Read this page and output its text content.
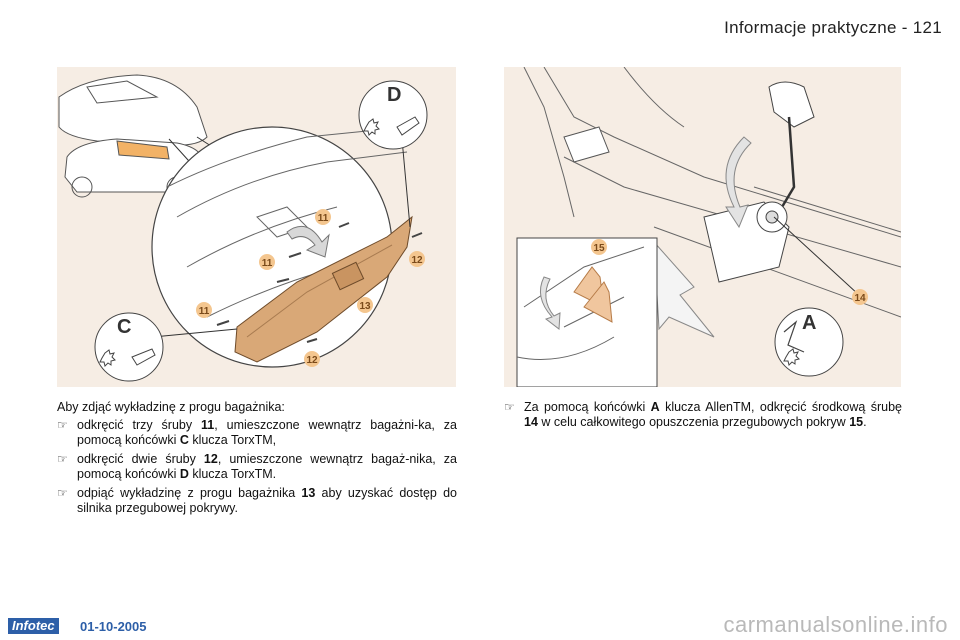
Informacje praktyczne - 121
11
11
11
12
12
13
D
C
14
15
A

Aby zdjąć wykładzinę z progu bagażnika:

☞ odkręcić trzy śruby 11, umieszczone wewnątrz bagażni-ka, za pomocą końcówki C klucza TorxTM,
☞ odkręcić dwie śruby 12, umieszczone wewnątrz bagaż-nika, za pomocą końcówki D klucza TorxTM.
☞ odpiąć wykładzinę z progu bagażnika 13 aby uzyskać dostęp do silnika przegubowej pokrywy.
☞ Za pomocą końcówki A klucza AllenTM, odkręcić środkową śrubę 14 w celu całkowitego opuszczenia przegubowych pokryw 15.
Infotec	01-10-2005	carmanualsonline.info
